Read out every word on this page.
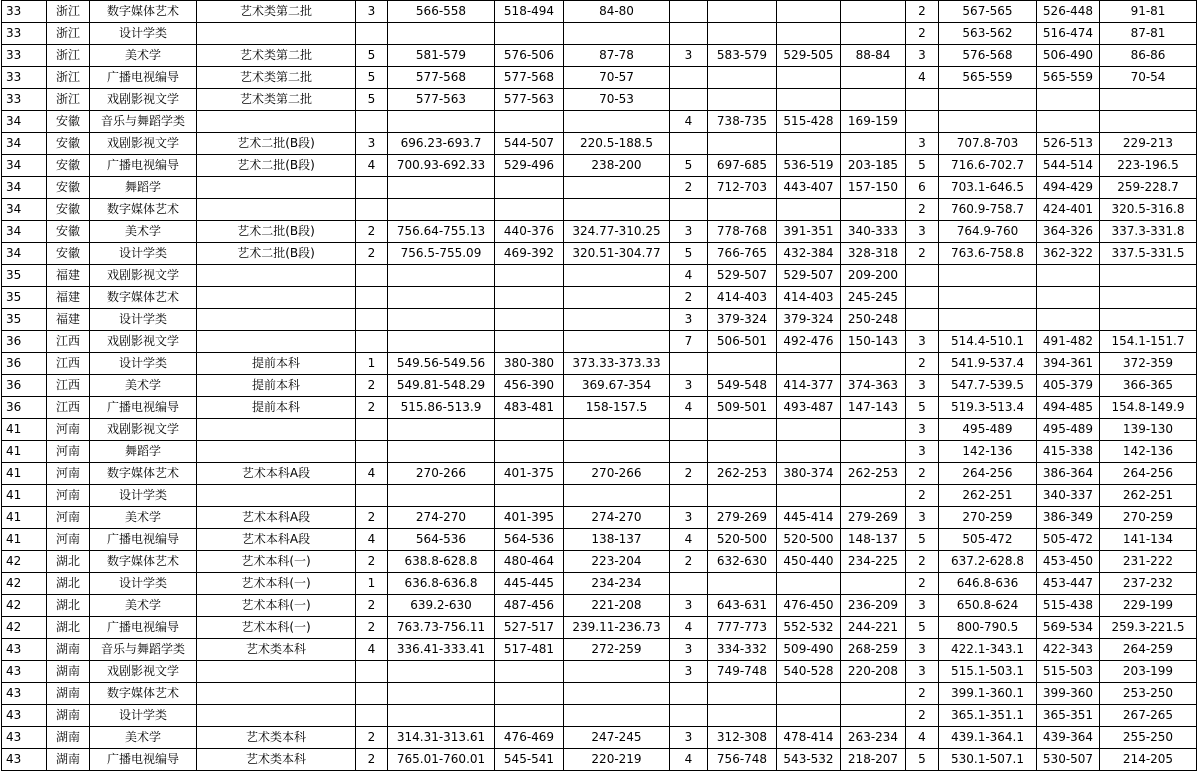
33	浙江	数字媒体艺术	艺术类第二批	3	566-558	518-494	84-80					2	567-565	526-448	91-81
33	浙江	设计学类										2	563-562	516-474	87-81
33	浙江	美术学	艺术类第二批	5	581-579	576-506	87-78	3	583-579	529-505	88-84	3	576-568	506-490	86-86
33	浙江	广播电视编导	艺术类第二批	5	577-568	577-568	70-57					4	565-559	565-559	70-54
33	浙江	戏剧影视文学	艺术类第二批	5	577-563	577-563	70-53								
34	安徽	音乐与舞蹈学类						4	738-735	515-428	169-159				
34	安徽	戏剧影视文学	艺术二批(B段)	3	696.23-693.7	544-507	220.5-188.5					3	707.8-703	526-513	229-213
34	安徽	广播电视编导	艺术二批(B段)	4	700.93-692.33	529-496	238-200	5	697-685	536-519	203-185	5	716.6-702.7	544-514	223-196.5
34	安徽	舞蹈学						2	712-703	443-407	157-150	6	703.1-646.5	494-429	259-228.7
34	安徽	数字媒体艺术										2	760.9-758.7	424-401	320.5-316.8
34	安徽	美术学	艺术二批(B段)	2	756.64-755.13	440-376	324.77-310.25	3	778-768	391-351	340-333	3	764.9-760	364-326	337.3-331.8
34	安徽	设计学类	艺术二批(B段)	2	756.5-755.09	469-392	320.51-304.77	5	766-765	432-384	328-318	2	763.6-758.8	362-322	337.5-331.5
35	福建	戏剧影视文学						4	529-507	529-507	209-200				
35	福建	数字媒体艺术						2	414-403	414-403	245-245				
35	福建	设计学类						3	379-324	379-324	250-248				
36	江西	戏剧影视文学						7	506-501	492-476	150-143	3	514.4-510.1	491-482	154.1-151.7
36	江西	设计学类	提前本科	1	549.56-549.56	380-380	373.33-373.33					2	541.9-537.4	394-361	372-359
36	江西	美术学	提前本科	2	549.81-548.29	456-390	369.67-354	3	549-548	414-377	374-363	3	547.7-539.5	405-379	366-365
36	江西	广播电视编导	提前本科	2	515.86-513.9	483-481	158-157.5	4	509-501	493-487	147-143	5	519.3-513.4	494-485	154.8-149.9
41	河南	戏剧影视文学										3	495-489	495-489	139-130
41	河南	舞蹈学										3	142-136	415-338	142-136
41	河南	数字媒体艺术	艺术本科A段	4	270-266	401-375	270-266	2	262-253	380-374	262-253	2	264-256	386-364	264-256
41	河南	设计学类										2	262-251	340-337	262-251
41	河南	美术学	艺术本科A段	2	274-270	401-395	274-270	3	279-269	445-414	279-269	3	270-259	386-349	270-259
41	河南	广播电视编导	艺术本科A段	4	564-536	564-536	138-137	4	520-500	520-500	148-137	5	505-472	505-472	141-134
42	湖北	数字媒体艺术	艺术本科(一)	2	638.8-628.8	480-464	223-204	2	632-630	450-440	234-225	2	637.2-628.8	453-450	231-222
42	湖北	设计学类	艺术本科(一)	1	636.8-636.8	445-445	234-234					2	646.8-636	453-447	237-232
42	湖北	美术学	艺术本科(一)	2	639.2-630	487-456	221-208	3	643-631	476-450	236-209	3	650.8-624	515-438	229-199
42	湖北	广播电视编导	艺术本科(一)	2	763.73-756.11	527-517	239.11-236.73	4	777-773	552-532	244-221	5	800-790.5	569-534	259.3-221.5
43	湖南	音乐与舞蹈学类	艺术类本科	4	336.41-333.41	517-481	272-259	3	334-332	509-490	268-259	3	422.1-343.1	422-343	264-259
43	湖南	戏剧影视文学						3	749-748	540-528	220-208	3	515.1-503.1	515-503	203-199
43	湖南	数字媒体艺术										2	399.1-360.1	399-360	253-250
43	湖南	设计学类										2	365.1-351.1	365-351	267-265
43	湖南	美术学	艺术类本科	2	314.31-313.61	476-469	247-245	3	312-308	478-414	263-234	4	439.1-364.1	439-364	255-250
43	湖南	广播电视编导	艺术类本科	2	765.01-760.01	545-541	220-219	4	756-748	543-532	218-207	5	530.1-507.1	530-507	214-205
